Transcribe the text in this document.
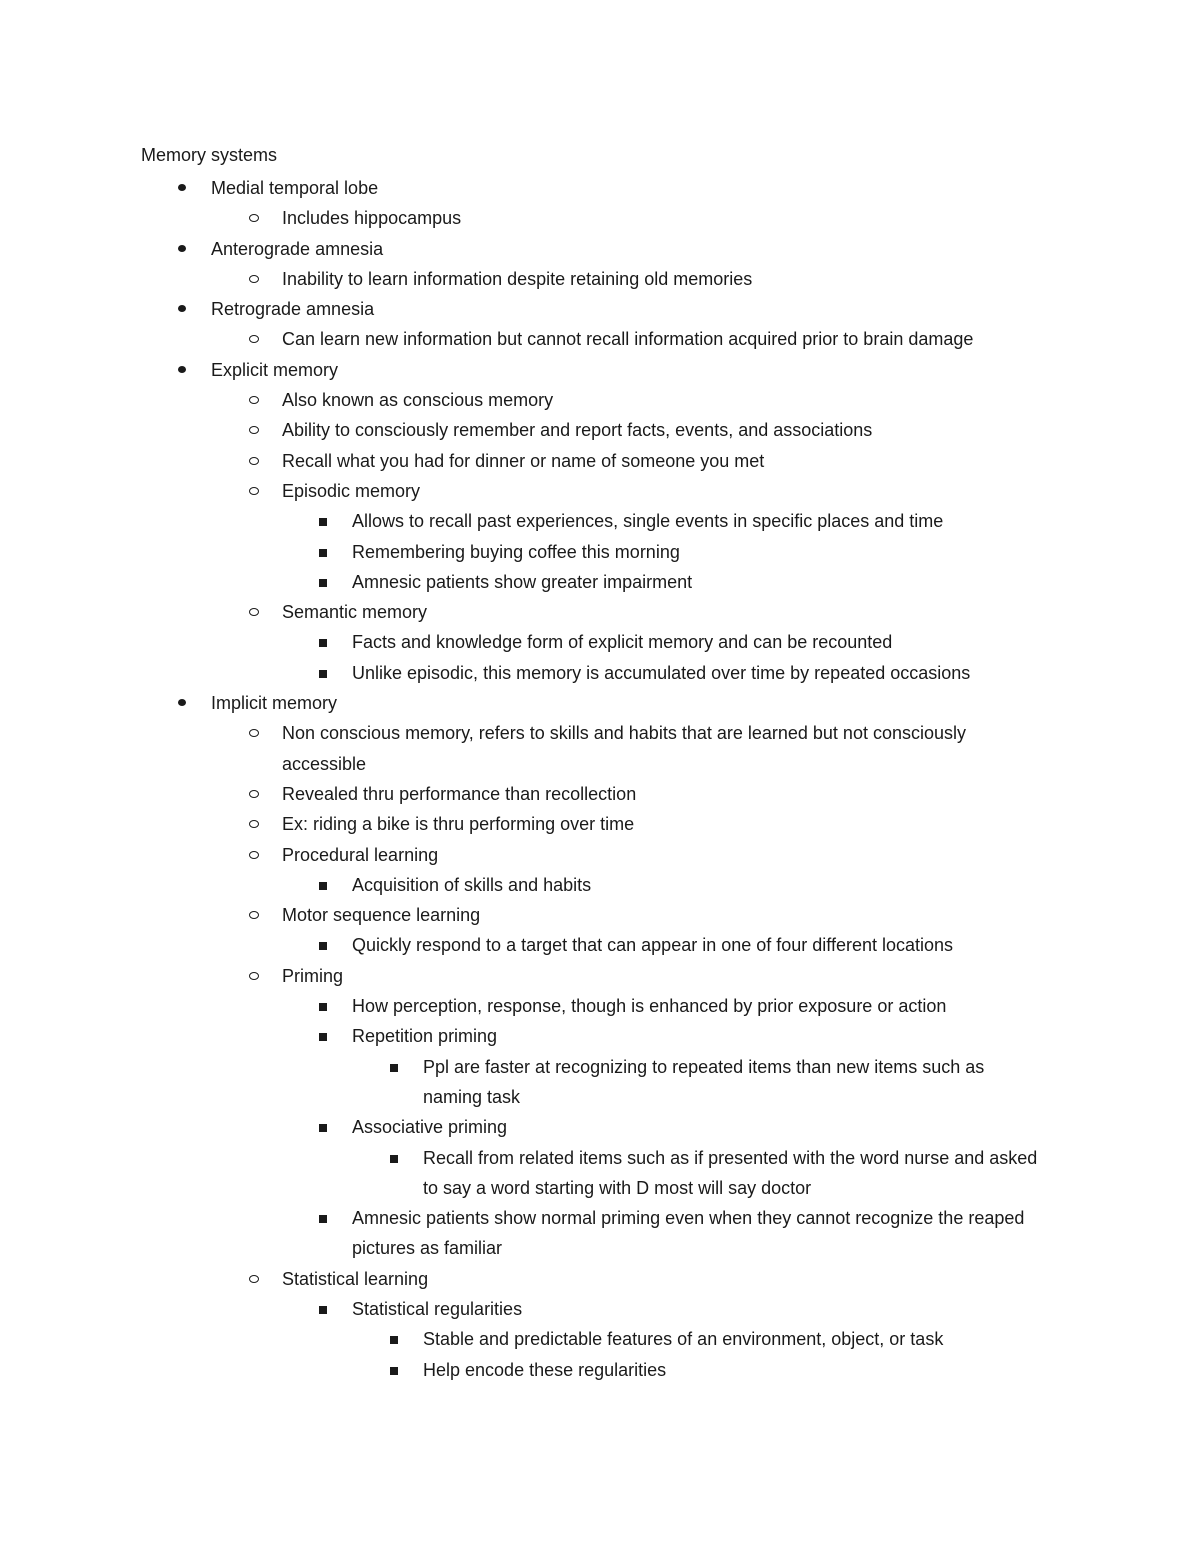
Memory systems
Medial temporal lobe
Includes hippocampus
Anterograde amnesia
Inability to learn information despite retaining old memories
Retrograde amnesia
Can learn new information but cannot recall information acquired prior to brain damage
Explicit memory
Also known as conscious memory
Ability to consciously remember and report facts, events, and associations
Recall what you had for dinner or name of someone you met
Episodic memory
Allows to recall past experiences, single events in specific places and time
Remembering buying coffee this morning
Amnesic patients show greater impairment
Semantic memory
Facts and knowledge form of explicit memory and can be recounted
Unlike episodic, this memory is accumulated over time by repeated occasions
Implicit memory
Non conscious memory, refers to skills and habits that are learned but not consciously accessible
Revealed thru performance than recollection
Ex: riding a bike is thru performing over time
Procedural learning
Acquisition of skills and habits
Motor sequence learning
Quickly respond to a target that can appear in one of four different locations
Priming
How perception, response, though is enhanced by prior exposure or action
Repetition priming
Ppl are faster at recognizing to repeated items than new items such as naming task
Associative priming
Recall from related items such as if presented with the word nurse and asked to say a word starting with D most will say doctor
Amnesic patients show normal priming even when they cannot recognize the reaped pictures as familiar
Statistical learning
Statistical regularities
Stable and predictable features of an environment, object, or task
Help encode these regularities
